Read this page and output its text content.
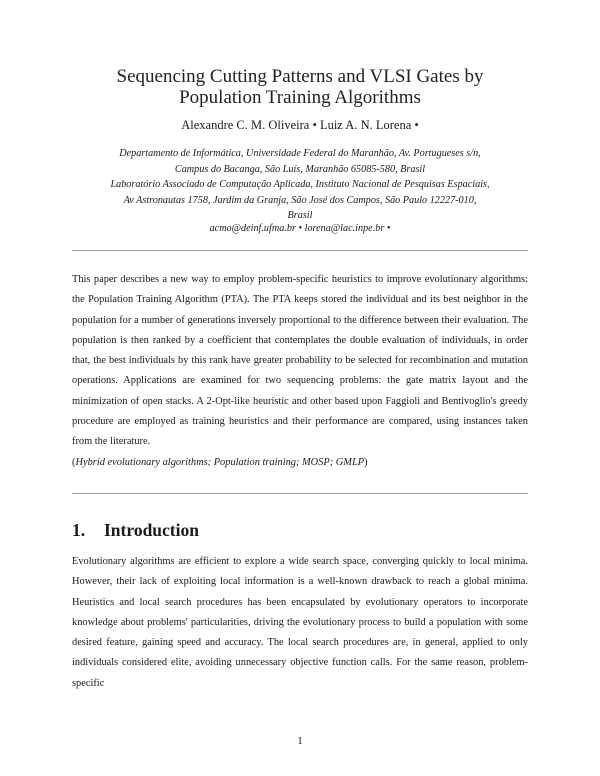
Sequencing Cutting Patterns and VLSI Gates by
Population Training Algorithms
Alexandre C. M. Oliveira • Luiz A. N. Lorena •
Departamento de Informática, Universidade Federal do Maranhão, Av. Portugueses s/n,
Campus do Bacanga, São Luís, Maranhão 65085-580, Brasil
Laboratório Associado de Computação Aplicada, Instituto Nacional de Pesquisas Espaciais,
Av Astronautas 1758, Jardim da Granja, São José dos Campos, São Paulo 12227-010,
Brasil
acmo@deinf.ufma.br • lorena@lac.inpe.br •

This paper describes a new way to employ problem-specific heuristics to improve evolutionary algorithms: the Population Training Algorithm (PTA). The PTA keeps stored the individual and its best neighbor in the population for a number of generations inversely proportional to the difference between their evaluation. The population is then ranked by a coefficient that contemplates the double evaluation of individuals, in order that, the best individuals by this rank have greater probability to be selected for recombination and mutation operations. Applications are examined for two sequencing problems: the gate matrix layout and the minimization of open stacks. A 2-Opt-like heuristic and other based upon Faggioli and Bentivoglio's greedy procedure are employed as training heuristics and their performance are compared, using instances taken from the literature.

(Hybrid evolutionary algorithms; Population training; MOSP; GMLP)

1. Introduction

Evolutionary algorithms are efficient to explore a wide search space, converging quickly to local minima. However, their lack of exploiting local information is a well-known drawback to reach a global minima. Heuristics and local search procedures has been encapsulated by evolutionary operators to incorporate knowledge about problems' particularities, driving the evolutionary process to build a population with some desired feature, gaining speed and accuracy. The local search procedures are, in general, applied to only individuals considered elite, avoiding unnecessary objective function calls. For the same reason, problem-specific

1
